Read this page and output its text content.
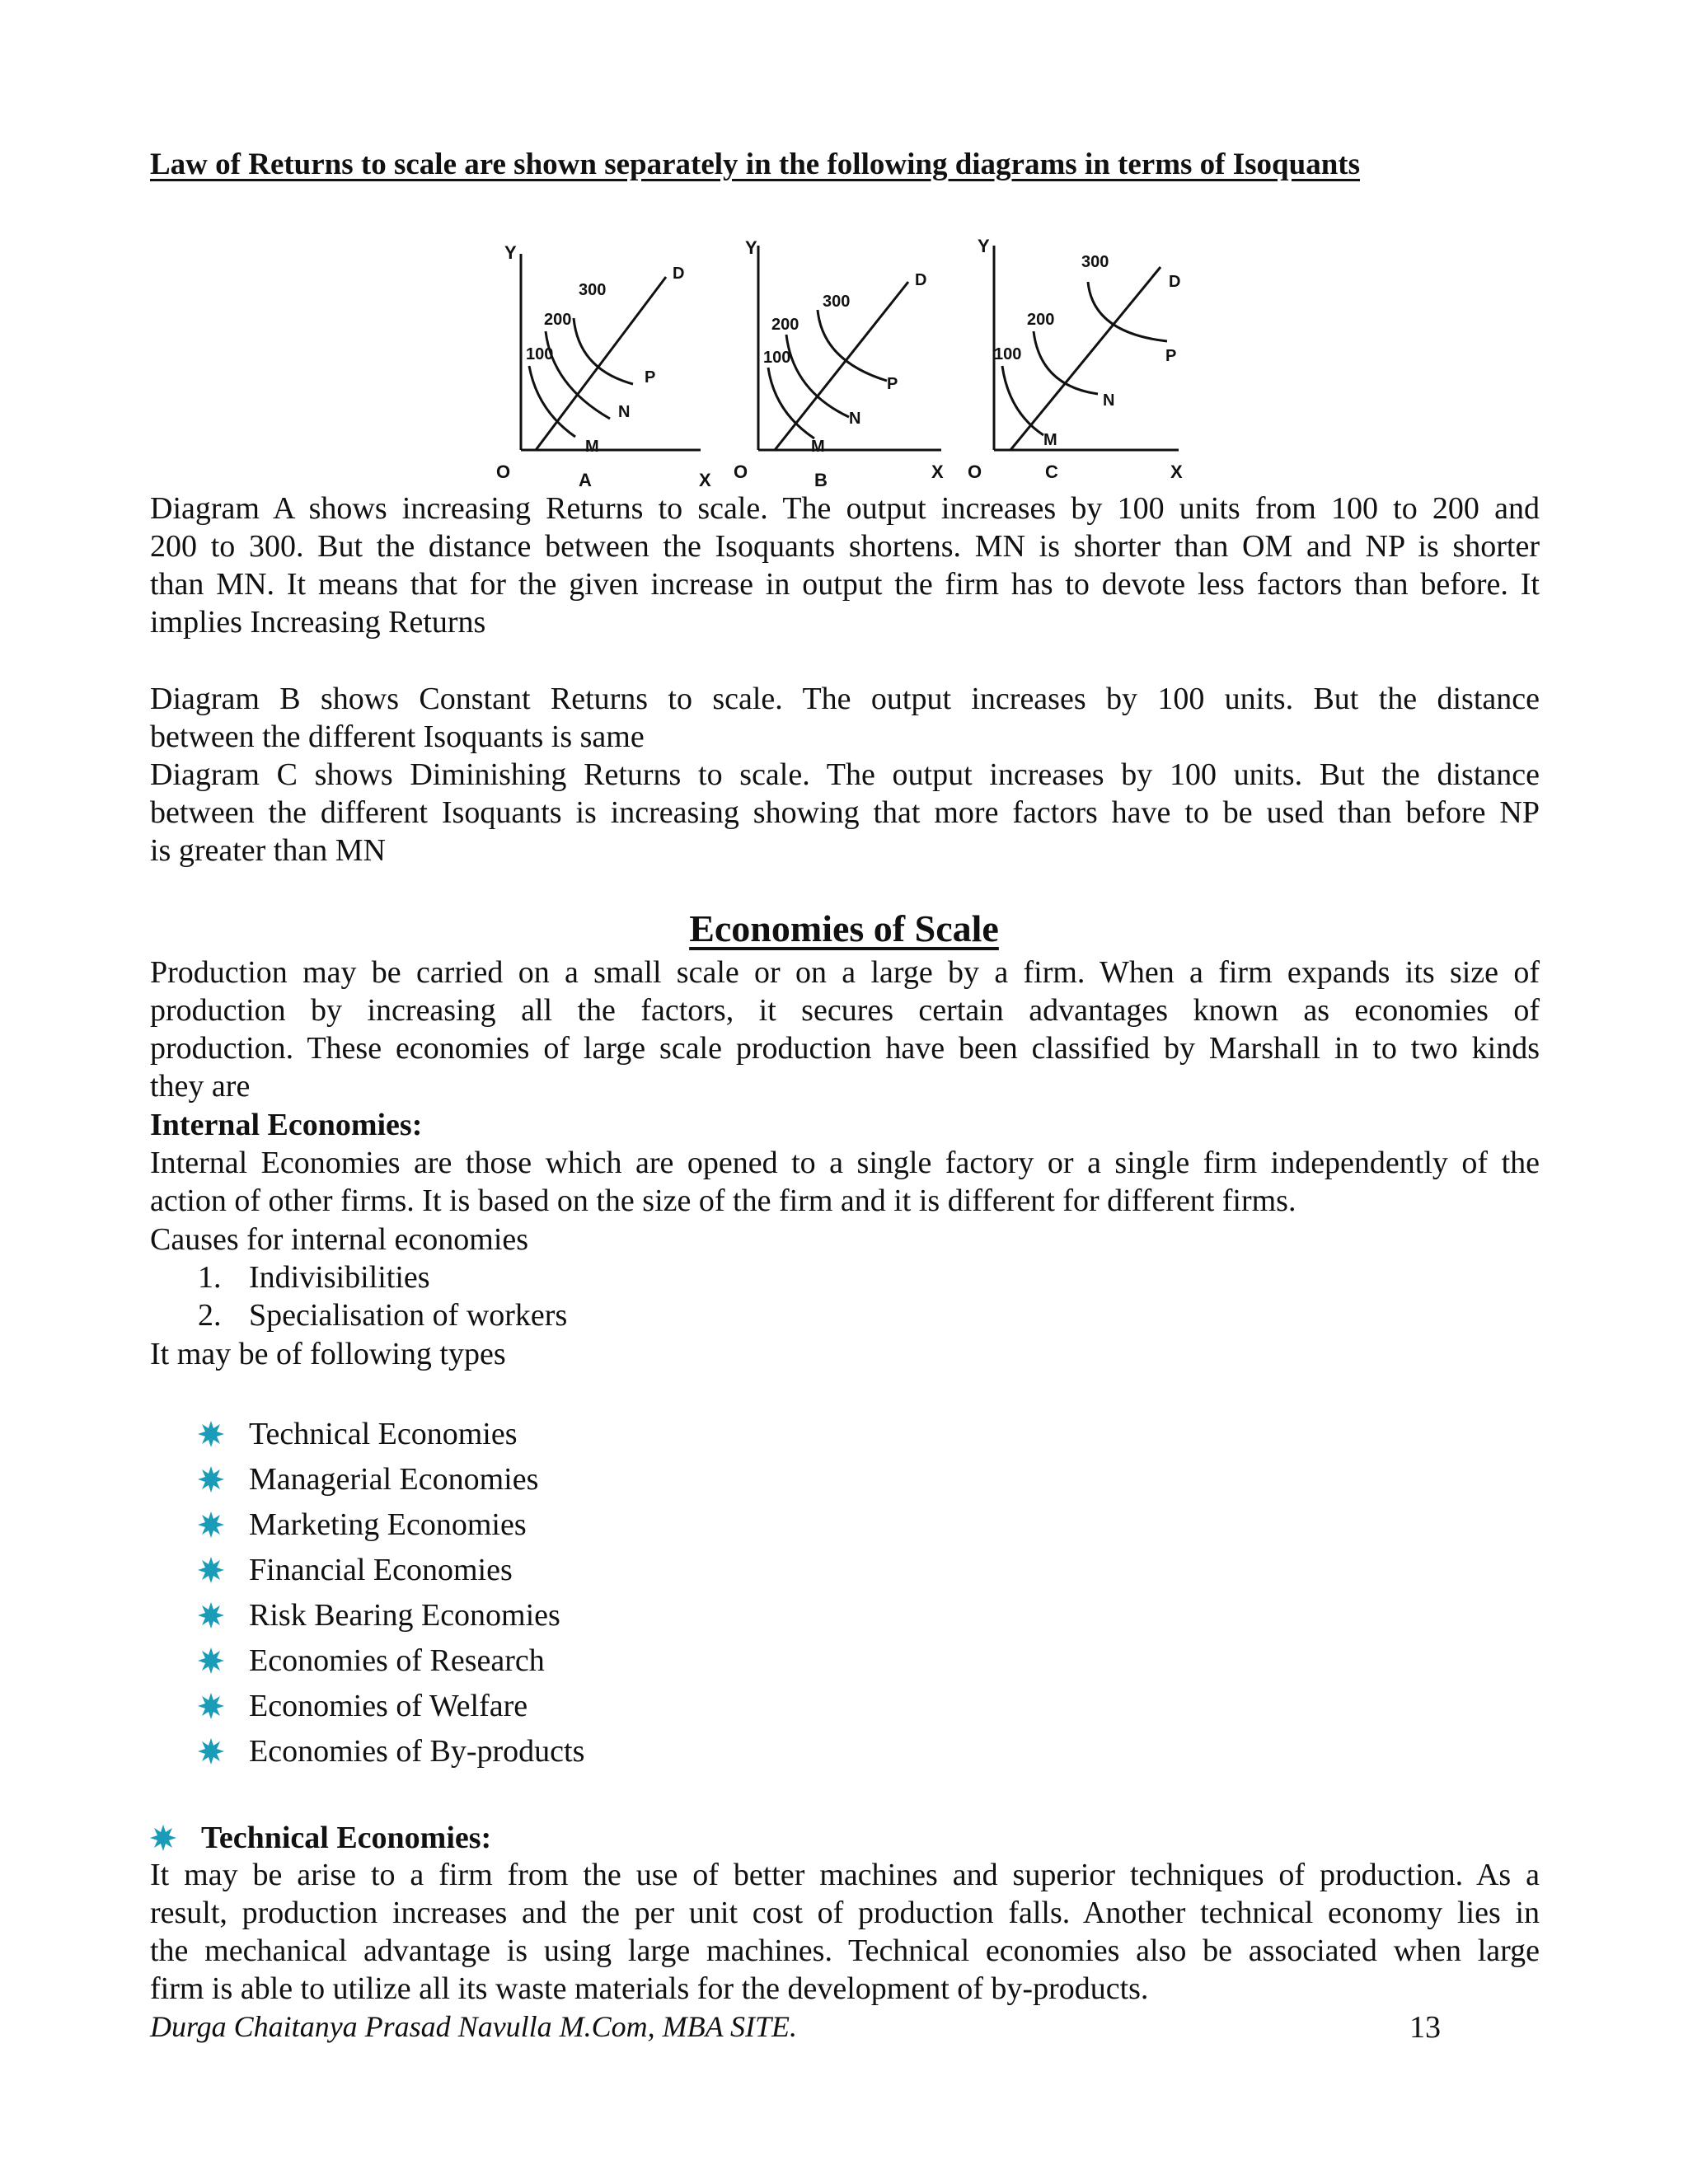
Law of Returns to scale are shown separately in the following diagrams in terms of Isoquants
Y
O	A	X
100
200
300
M
N
P
D
Y
O	B	X
100
200
300
M
N
P
D
Y
O	C	X
100
200
300
M
N
P
D
Diagram A shows increasing Returns to scale. The output increases by 100 units from 100 to 200 and
200 to 300. But the distance between the Isoquants shortens. MN is shorter than OM and NP is shorter
than MN. It means that for the given increase in output the firm has to devote less factors than before. It
implies Increasing Returns
Diagram B shows Constant Returns to scale. The output increases by 100 units. But the distance
between the different Isoquants is same
Diagram C shows Diminishing Returns to scale. The output increases by 100 units. But the distance
between the different Isoquants is increasing showing that more factors have to be used than before NP
is greater than MN
Economies of Scale
Production may be carried on a small scale or on a large by a firm. When a firm expands its size of
production by increasing all the factors, it secures certain advantages known as economies of
production. These economies of large scale production have been classified by Marshall in to two kinds
they are
Internal Economies:
Internal Economies are those which are opened to a single factory or a single firm independently of the
action of other firms. It is based on the size of the firm and it is different for different firms.
Causes for internal economies
1. Indivisibilities
2. Specialisation of workers
It may be of following types
Technical Economies
Managerial Economies
Marketing Economies
Financial Economies
Risk Bearing Economies
Economies of Research
Economies of Welfare
Economies of By-products
Technical Economies:
It may be arise to a firm from the use of better machines and superior techniques of production. As a
result, production increases and the per unit cost of production falls. Another technical economy lies in
the mechanical advantage is using large machines. Technical economies also be associated when large
firm is able to utilize all its waste materials for the development of by-products.
Durga Chaitanya Prasad Navulla M.Com, MBA SITE.	13
